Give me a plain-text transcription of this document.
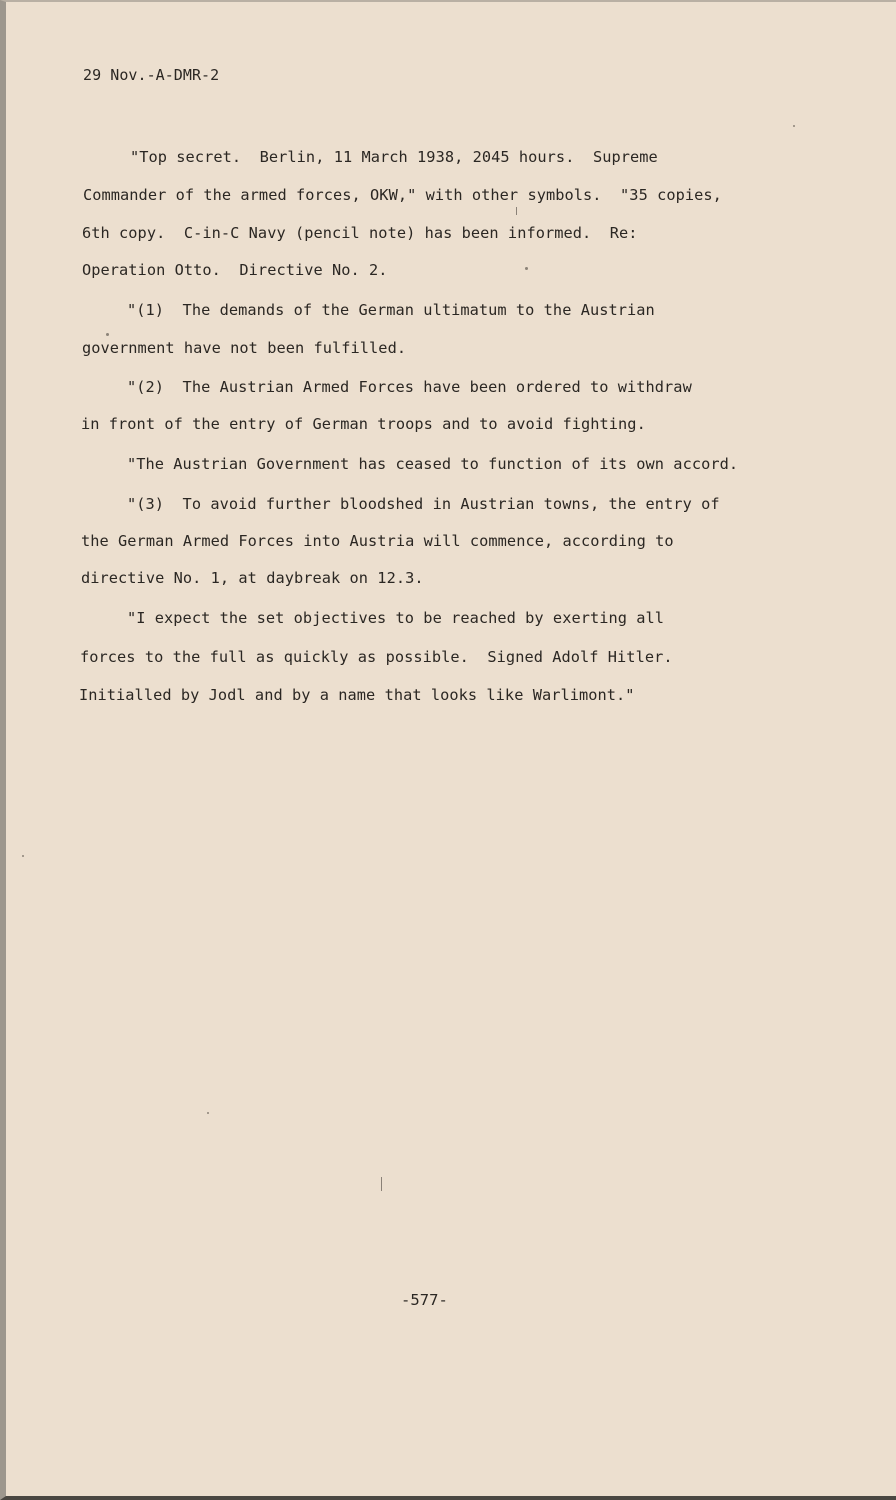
29 Nov.-A-DMR-2
"Top secret.  Berlin, 11 March 1938, 2045 hours.  Supreme
Commander of the armed forces, OKW," with other symbols.  "35 copies,
6th copy.  C-in-C Navy (pencil note) has been informed.  Re:
Operation Otto.  Directive No. 2.
"(1)  The demands of the German ultimatum to the Austrian
government have not been fulfilled.
"(2)  The Austrian Armed Forces have been ordered to withdraw
in front of the entry of German troops and to avoid fighting.
"The Austrian Government has ceased to function of its own accord.
"(3)  To avoid further bloodshed in Austrian towns, the entry of
the German Armed Forces into Austria will commence, according to
directive No. 1, at daybreak on 12.3.
"I expect the set objectives to be reached by exerting all
forces to the full as quickly as possible.  Signed Adolf Hitler.
Initialled by Jodl and by a name that looks like Warlimont."
-577-
